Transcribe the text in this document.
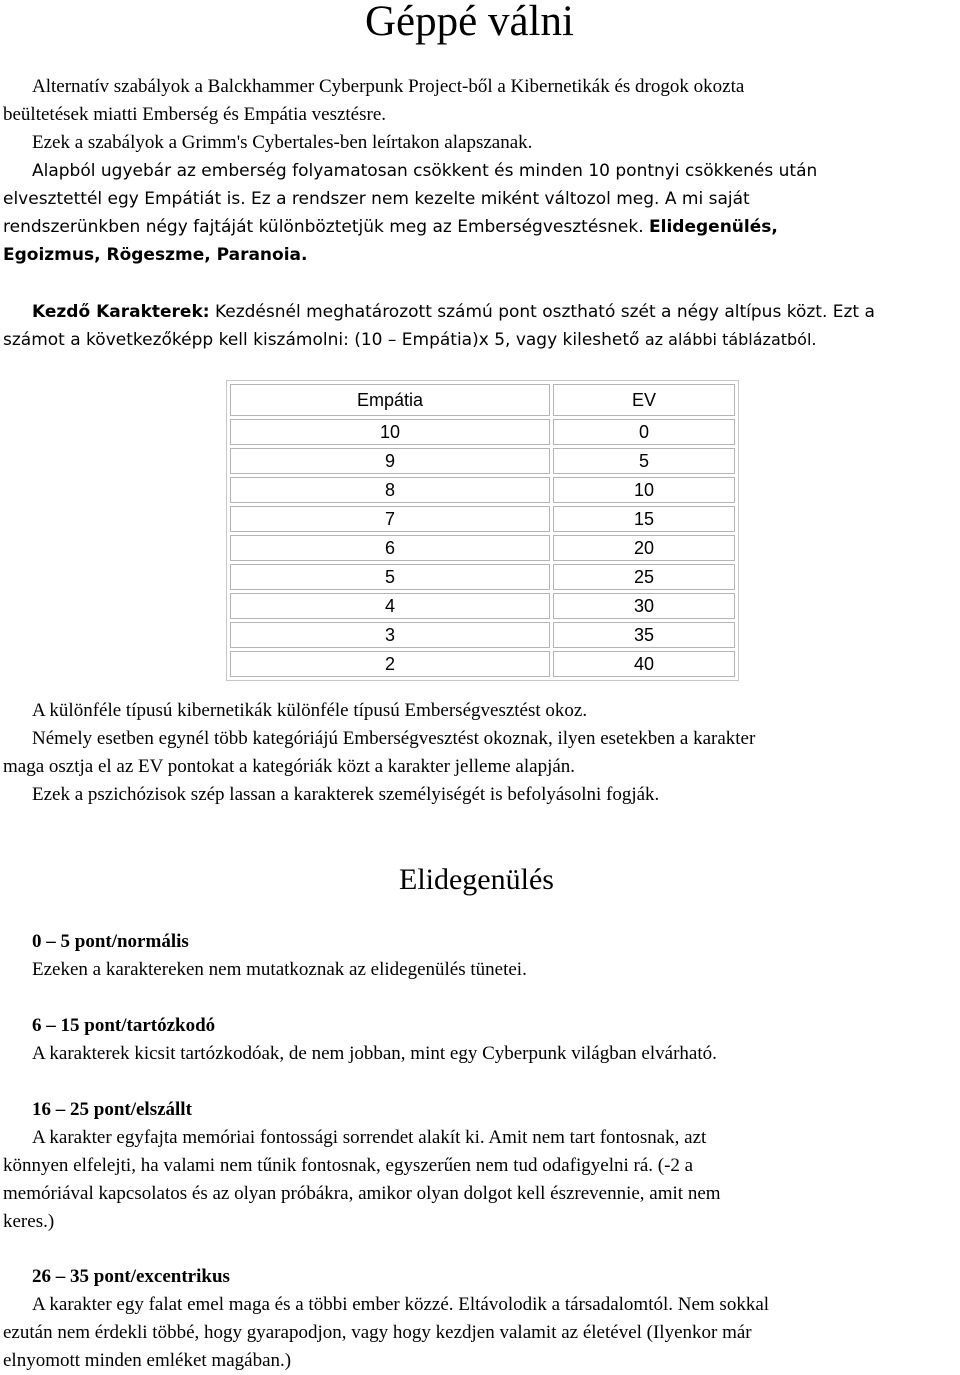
Géppé válni
Alternatív szabályok a Balckhammer Cyberpunk Project-ből a Kibernetikák és drogok okozta
beültetések miatti Emberség és Empátia vesztésre.
Ezek a szabályok a Grimm's Cybertales-ben leírtakon alapszanak.
Alapból ugyebár az emberség folyamatosan csökkent és minden 10 pontnyi csökkenés után
elvesztettél egy Empátiát is. Ez a rendszer nem kezelte miként változol meg. A mi saját
rendszerünkben négy fajtáját különböztetjük meg az Emberségvesztésnek. Elidegenülés,
Egoizmus, Rögeszme, Paranoia.
Kezdő Karakterek: Kezdésnél meghatározott számú pont osztható szét a négy altípus közt. Ezt a
számot a következőképp kell kiszámolni: (10 – Empátia)x 5, vagy kileshető az alábbi táblázatból.
Empátia	EV
10	0
9	5
8	10
7	15
6	20
5	25
4	30
3	35
2	40
A különféle típusú kibernetikák különféle típusú Emberségvesztést okoz.
Némely esetben egynél több kategóriájú Emberségvesztést okoznak, ilyen esetekben a karakter
maga osztja el az EV pontokat a kategóriák közt a karakter jelleme alapján.
Ezek a pszichózisok szép lassan a karakterek személyiségét is befolyásolni fogják.
Elidegenülés
0 – 5 pont/normális
Ezeken a karaktereken nem mutatkoznak az elidegenülés tünetei.
6 – 15 pont/tartózkodó
A karakterek kicsit tartózkodóak, de nem jobban, mint egy Cyberpunk világban elvárható.
16 – 25 pont/elszállt
A karakter egyfajta memóriai fontossági sorrendet alakít ki. Amit nem tart fontosnak, azt
könnyen elfelejti, ha valami nem tűnik fontosnak, egyszerűen nem tud odafigyelni rá. (-2 a
memóriával kapcsolatos és az olyan próbákra, amikor olyan dolgot kell észrevennie, amit nem
keres.)
26 – 35 pont/excentrikus
A karakter egy falat emel maga és a többi ember közzé. Eltávolodik a társadalomtól. Nem sokkal
ezután nem érdekli többé, hogy gyarapodjon, vagy hogy kezdjen valamit az életével (Ilyenkor már
elnyomott minden emléket magában.)
